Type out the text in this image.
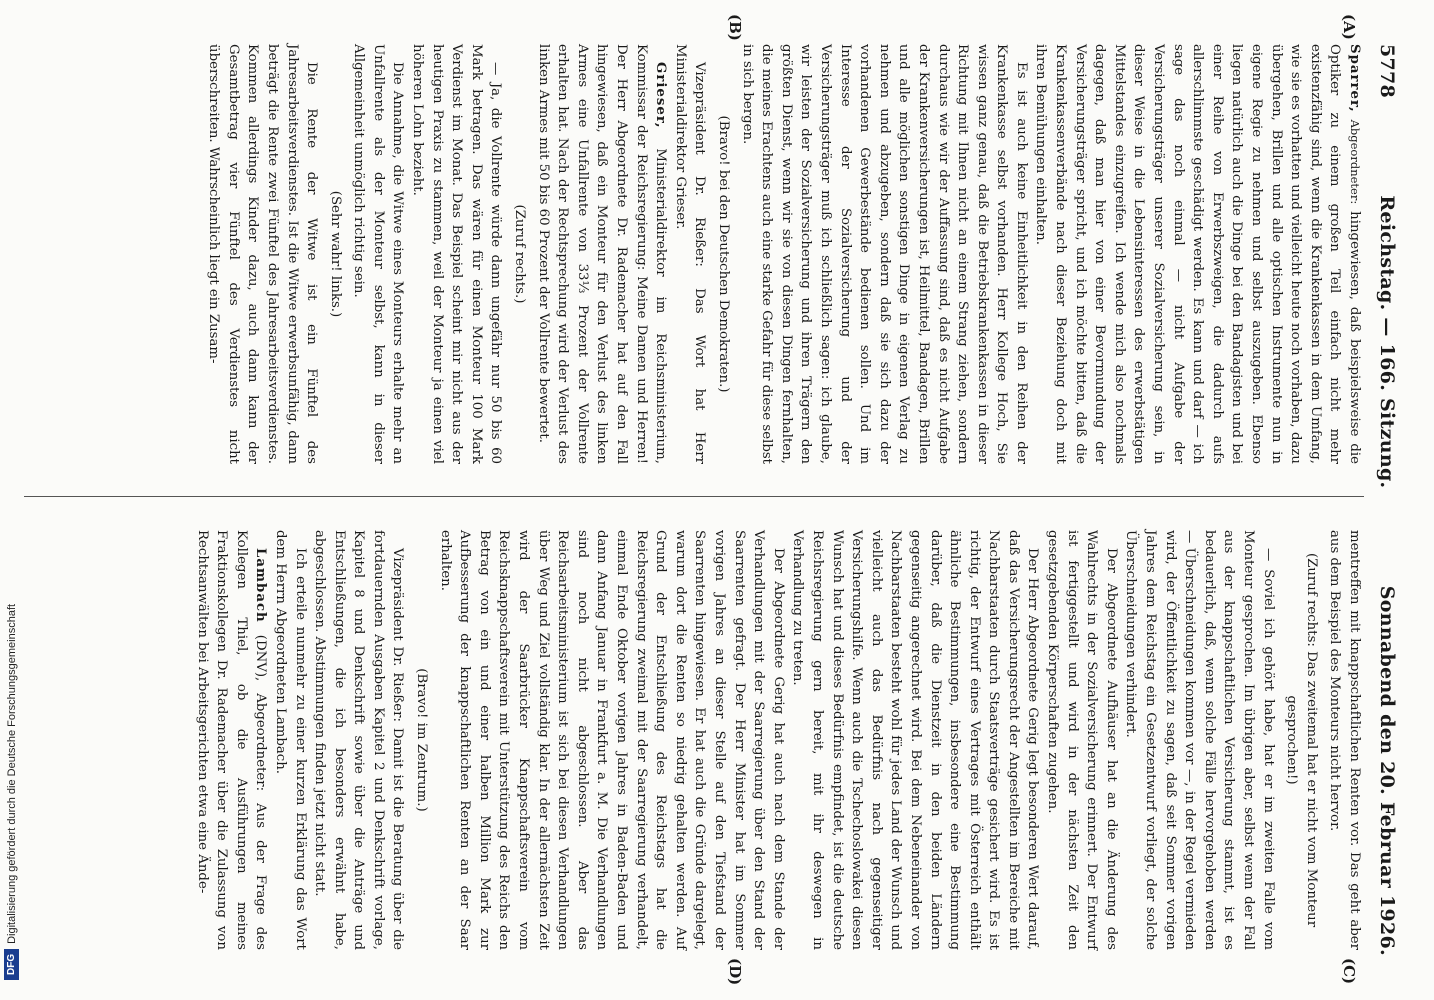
5778
Reichstag. — 166. Sitzung.
Sonnabend den 20. Februar 1926.
(A)
(B)
(C)
(D)

Sparrer, Abgeordneter: hingewiesen, daß beispielsweise die Optiker zu einem großen Teil einfach nicht mehr existenzfähig sind, wenn die Krankenkassen in dem Umfang, wie sie es vorhatten und vielleicht heute noch vorhaben, dazu übergehen, Brillen und alle optischen Instrumente nun in eigene Regie zu nehmen und selbst auszugeben. Ebenso liegen natürlich auch die Dinge bei den Bandagisten und bei einer Reihe von Erwerbszweigen, die dadurch aufs allerschlimmste geschädigt werden. Es kann und darf — ich sage das noch einmal — nicht Aufgabe der Versicherungsträger unserer Sozialversicherung sein, in dieser Weise in die Lebensinteressen des erwerbstätigen Mittelstandes einzugreifen. Ich wende mich also nochmals dagegen, daß man hier von einer Bevormundung der Versicherungsträger spricht, und ich möchte bitten, daß die Krankenkassenverbände nach dieser Beziehung doch mit ihren Bemühungen einhalten.

Es ist auch keine Einheitlichkeit in den Reihen der Krankenkasse selbst vorhanden. Herr Kollege Hoch, Sie wissen ganz genau, daß die Betriebskrankenkassen in dieser Richtung mit Ihnen nicht an einem Strang ziehen, sondern durchaus wie wir der Auffassung sind, daß es nicht Aufgabe der Krankenversicherungen ist, Heilmittel, Bandagen, Brillen und alle möglichen sonstigen Dinge in eigenen Verlag zu nehmen und abzugeben, sondern daß sie sich dazu der vorhandenen Gewerbestände bedienen sollen. Und im Interesse der Sozialversicherung und der Versicherungsträger muß ich schließlich sagen: ich glaube, wir leisten der Sozialversicherung und ihren Trägern den größten Dienst, wenn wir sie von diesen Dingen fernhalten, die meines Erachtens auch eine starke Gefahr für diese selbst in sich bergen.

(Bravo! bei den Deutschen Demokraten.)

Vizepräsident Dr. Rießer: Das Wort hat Herr Ministerialdirektor Grieser.

Grieser, Ministerialdirektor im Reichsministerium, Kommissar der Reichsregierung: Meine Damen und Herren! Der Herr Abgeordnete Dr. Rademacher hat auf den Fall hingewiesen, daß ein Monteur für den Verlust des linken Armes eine Unfallrente von 33⅓ Prozent der Vollrente erhalten hat. Nach der Rechtsprechung wird der Verlust des linken Armes mit 50 bis 60 Prozent der Vollrente bewertet.

(Zuruf rechts.)

— Ja, die Vollrente würde dann ungefähr nur 50 bis 60 Mark betragen. Das wären für einen Monteur 100 Mark Verdienst im Monat. Das Beispiel scheint mir nicht aus der heutigen Praxis zu stammen, weil der Monteur ja einen viel höheren Lohn bezieht.

Die Annahme, die Witwe eines Monteurs erhalte mehr an Unfallrente als der Monteur selbst, kann in dieser Allgemeinheit unmöglich richtig sein.

(Sehr wahr! links.)

Die Rente der Witwe ist ein Fünftel des Jahresarbeitsverdienstes. Ist die Witwe erwerbsunfähig, dann beträgt die Rente zwei Fünftel des Jahresarbeitsverdienstes. Kommen allerdings Kinder dazu, auch dann kann der Gesamtbetrag vier Fünftel des Verdienstes nicht überschreiten. Wahrscheinlich liegt ein Zusam-

mentreffen mit knappschaftlichen Renten vor. Das geht aber aus dem Beispiel des Monteurs nicht hervor.

(Zuruf rechts: Das zweitemal hat er nicht vom Monteur gesprochen!)

— Soviel ich gehört habe, hat er im zweiten Falle vom Monteur gesprochen. Im übrigen aber, selbst wenn der Fall aus der knappschaftlichen Versicherung stammt, ist es bedauerlich, daß, wenn solche Fälle hervorgehoben werden — Überschneidungen kommen vor —, in der Regel vermieden wird, der Öffentlichkeit zu sagen, daß seit Sommer vorigen Jahres dem Reichstag ein Gesetzentwurf vorliegt, der solche Überschneidungen verhindert.

Der Abgeordnete Aufhäuser hat an die Änderung des Wahlrechts in der Sozialversicherung erinnert. Der Entwurf ist fertiggestellt und wird in der nächsten Zeit den gesetzgebenden Körperschaften zugehen.

Der Herr Abgeordnete Gerig legt besonderen Wert darauf, daß das Versicherungsrecht der Angestellten im Bereiche mit Nachbarstaaten durch Staatsverträge gesichert wird. Es ist richtig, der Entwurf eines Vertrages mit Österreich enthält ähnliche Bestimmungen, insbesondere eine Bestimmung darüber, daß die Dienstzeit in den beiden Ländern gegenseitig angerechnet wird. Bei dem Nebeneinander von Nachbarstaaten besteht wohl für jedes Land der Wunsch und vielleicht auch das Bedürfnis nach gegenseitiger Versicherungshilfe. Wenn auch die Tschechoslowakei diesen Wunsch hat und dieses Bedürfnis empfindet, ist die deutsche Reichsregierung gern bereit, mit ihr deswegen in Verhandlung zu treten.

Der Abgeordnete Gerig hat auch nach dem Stande der Verhandlungen mit der Saarregierung über den Stand der Saarrenten gefragt. Der Herr Minister hat im Sommer vorigen Jahres an dieser Stelle auf den Tiefstand der Saarrenten hingewiesen. Er hat auch die Gründe dargelegt, warum dort die Renten so niedrig gehalten werden. Auf Grund der Entschließung des Reichstags hat die Reichsregierung zweimal mit der Saarregierung verhandelt, einmal Ende Oktober vorigen Jahres in Baden-Baden und dann Anfang Januar in Frankfurt a. M. Die Verhandlungen sind noch nicht abgeschlossen. Aber das Reichsarbeitsministerium ist sich bei diesen Verhandlungen über Weg und Ziel vollständig klar. In der allernächsten Zeit wird der Saarbrücker Knappschaftsverein vom Reichsknappschaftsverein mit Unterstützung des Reichs den Betrag von ein und einer halben Million Mark zur Aufbesserung der knappschaftlichen Renten an der Saar erhalten.

(Bravo! im Zentrum.)

Vizepräsident Dr. Rießer: Damit ist die Beratung über die fortdauernden Ausgaben Kapitel 2 und Denkschrift vorlage, Kapitel 8 und Denkschrift sowie über die Anträge und Entschließungen, die ich besonders erwähnt habe, abgeschlossen. Abstimmungen finden jetzt nicht statt.

Ich erteile nunmehr zu einer kurzen Erklärung das Wort dem Herrn Abgeordneten Lambach.

Lambach (DNV), Abgeordneter: Aus der Frage des Kollegen Thiel, ob die Ausführungen meines Fraktionskollegen Dr. Rademacher über die Zulassung von Rechtsanwälten bei Arbeitsgerichten etwa eine Ände-

DFG
Digitalisierung gefördert durch die Deutsche Forschungsgemeinschaft
